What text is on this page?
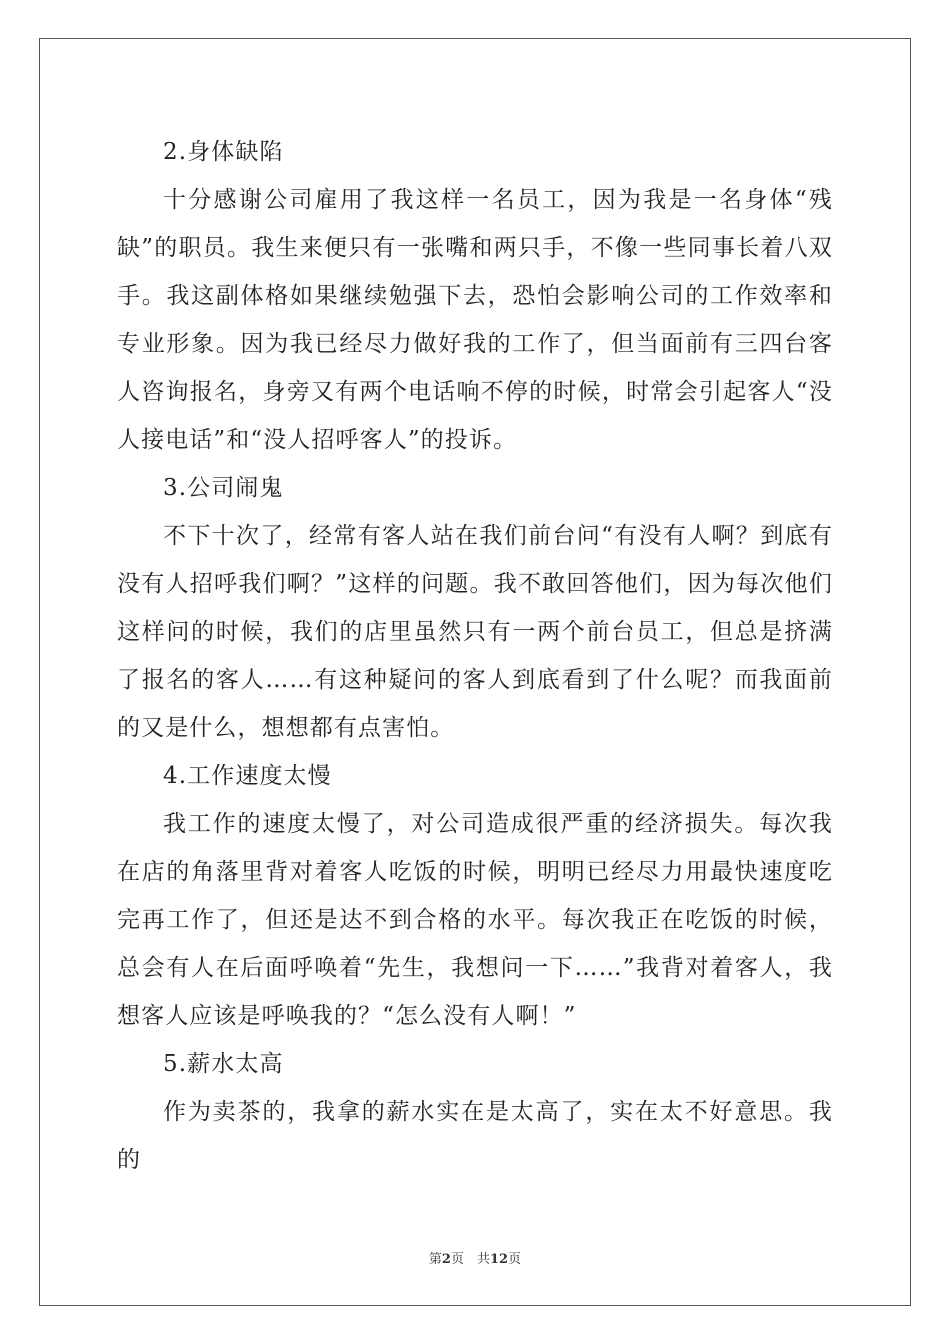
2.身体缺陷

十分感谢公司雇用了我这样一名员工，因为我是一名身体“残缺”的职员。我生来便只有一张嘴和两只手，不像一些同事长着八双手。我这副体格如果继续勉强下去，恐怕会影响公司的工作效率和专业形象。因为我已经尽力做好我的工作了，但当面前有三四台客人咨询报名，身旁又有两个电话响不停的时候，时常会引起客人“没人接电话”和“没人招呼客人”的投诉。

3.公司闹鬼

不下十次了，经常有客人站在我们前台问“有没有人啊？到底有没有人招呼我们啊？”这样的问题。我不敢回答他们，因为每次他们这样问的时候，我们的店里虽然只有一两个前台员工，但总是挤满了报名的客人……有这种疑问的客人到底看到了什么呢？而我面前的又是什么，想想都有点害怕。

4.工作速度太慢

我工作的速度太慢了，对公司造成很严重的经济损失。每次我在店的角落里背对着客人吃饭的时候，明明已经尽力用最快速度吃完再工作了，但还是达不到合格的水平。每次我正在吃饭的时候，总会有人在后面呼唤着“先生，我想问一下……”我背对着客人，我想客人应该是呼唤我的？“怎么没有人啊！”

5.薪水太高

作为卖茶的，我拿的薪水实在是太高了，实在太不好意思。我的

第2页　共12页
